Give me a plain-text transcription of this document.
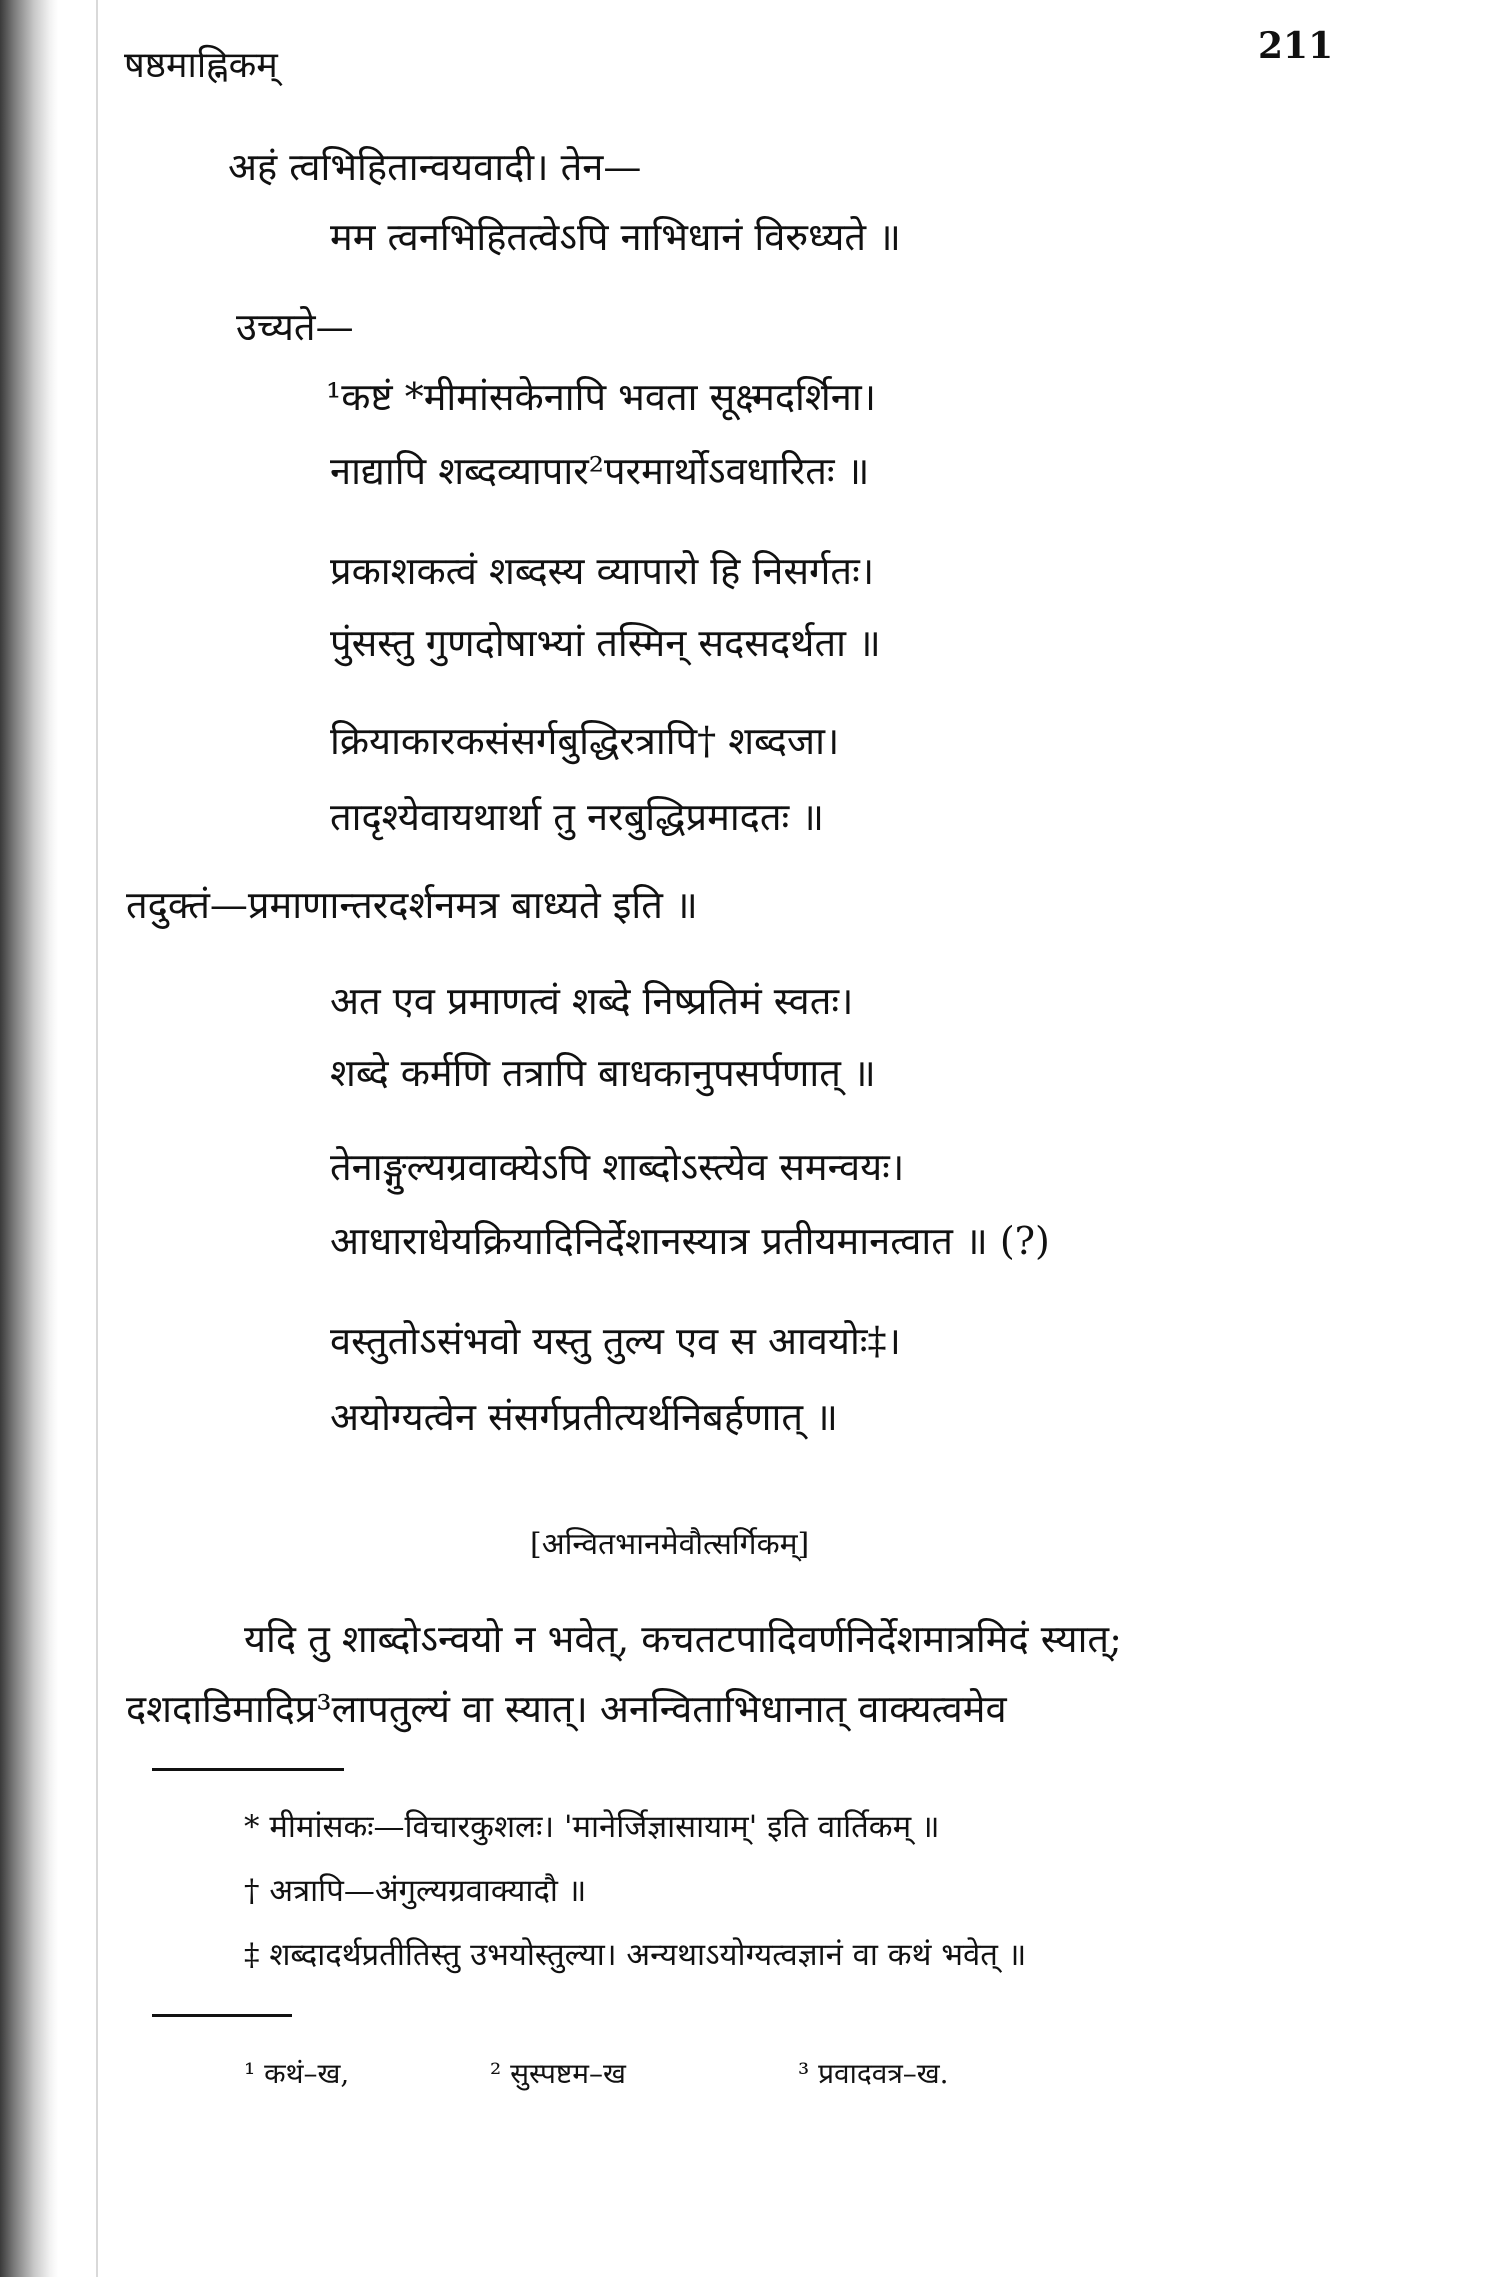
211
षष्ठमाह्निकम्
अहं त्वभिहितान्वयवादी। तेन—
मम त्वनभिहितत्वेऽपि नाभिधानं विरुध्यते ॥
उच्यते—
¹कष्टं *मीमांसकेनापि भवता सूक्ष्मदर्शिना।
नाद्यापि शब्दव्यापार²परमार्थोऽवधारितः ॥
प्रकाशकत्वं शब्दस्य व्यापारो हि निसर्गतः।
पुंसस्तु गुणदोषाभ्यां तस्मिन् सदसदर्थता ॥
क्रियाकारकसंसर्गबुद्धिरत्रापि† शब्दजा।
तादृश्येवायथार्था तु नरबुद्धिप्रमादतः ॥
तदुक्तं—प्रमाणान्तरदर्शनमत्र बाध्यते इति ॥
अत एव प्रमाणत्वं शब्दे निष्प्रतिमं स्वतः।
शब्दे कर्मणि तत्रापि बाधकानुपसर्पणात् ॥
तेनाङ्गुल्यग्रवाक्येऽपि शाब्दोऽस्त्येव समन्वयः।
आधाराधेयक्रियादिनिर्देशानस्यात्र प्रतीयमानत्वात ॥ (?)
वस्तुतोऽसंभवो यस्तु तुल्य एव स आवयोः‡।
अयोग्यत्वेन संसर्गप्रतीत्यर्थनिबर्हणात् ॥
[अन्वितभानमेवौत्सर्गिकम्]
यदि तु शाब्दोऽन्वयो न भवेत्, कचतटपादिवर्णनिर्देशमात्रमिदं स्यात्;
दशदाडिमादिप्र³लापतुल्यं वा स्यात्। अनन्विताभिधानात् वाक्यत्वमेव
* मीमांसकः—विचारकुशलः। 'मानेर्जिज्ञासायाम्' इति वार्तिकम् ॥
† अत्रापि—अंगुल्यग्रवाक्यादौ ॥
‡ शब्दादर्थप्रतीतिस्तु उभयोस्तुल्या। अन्यथाऽयोग्यत्वज्ञानं वा कथं भवेत् ॥
¹ कथं–ख,	² सुस्पष्टम–ख	³ प्रवादवत्र–ख.
